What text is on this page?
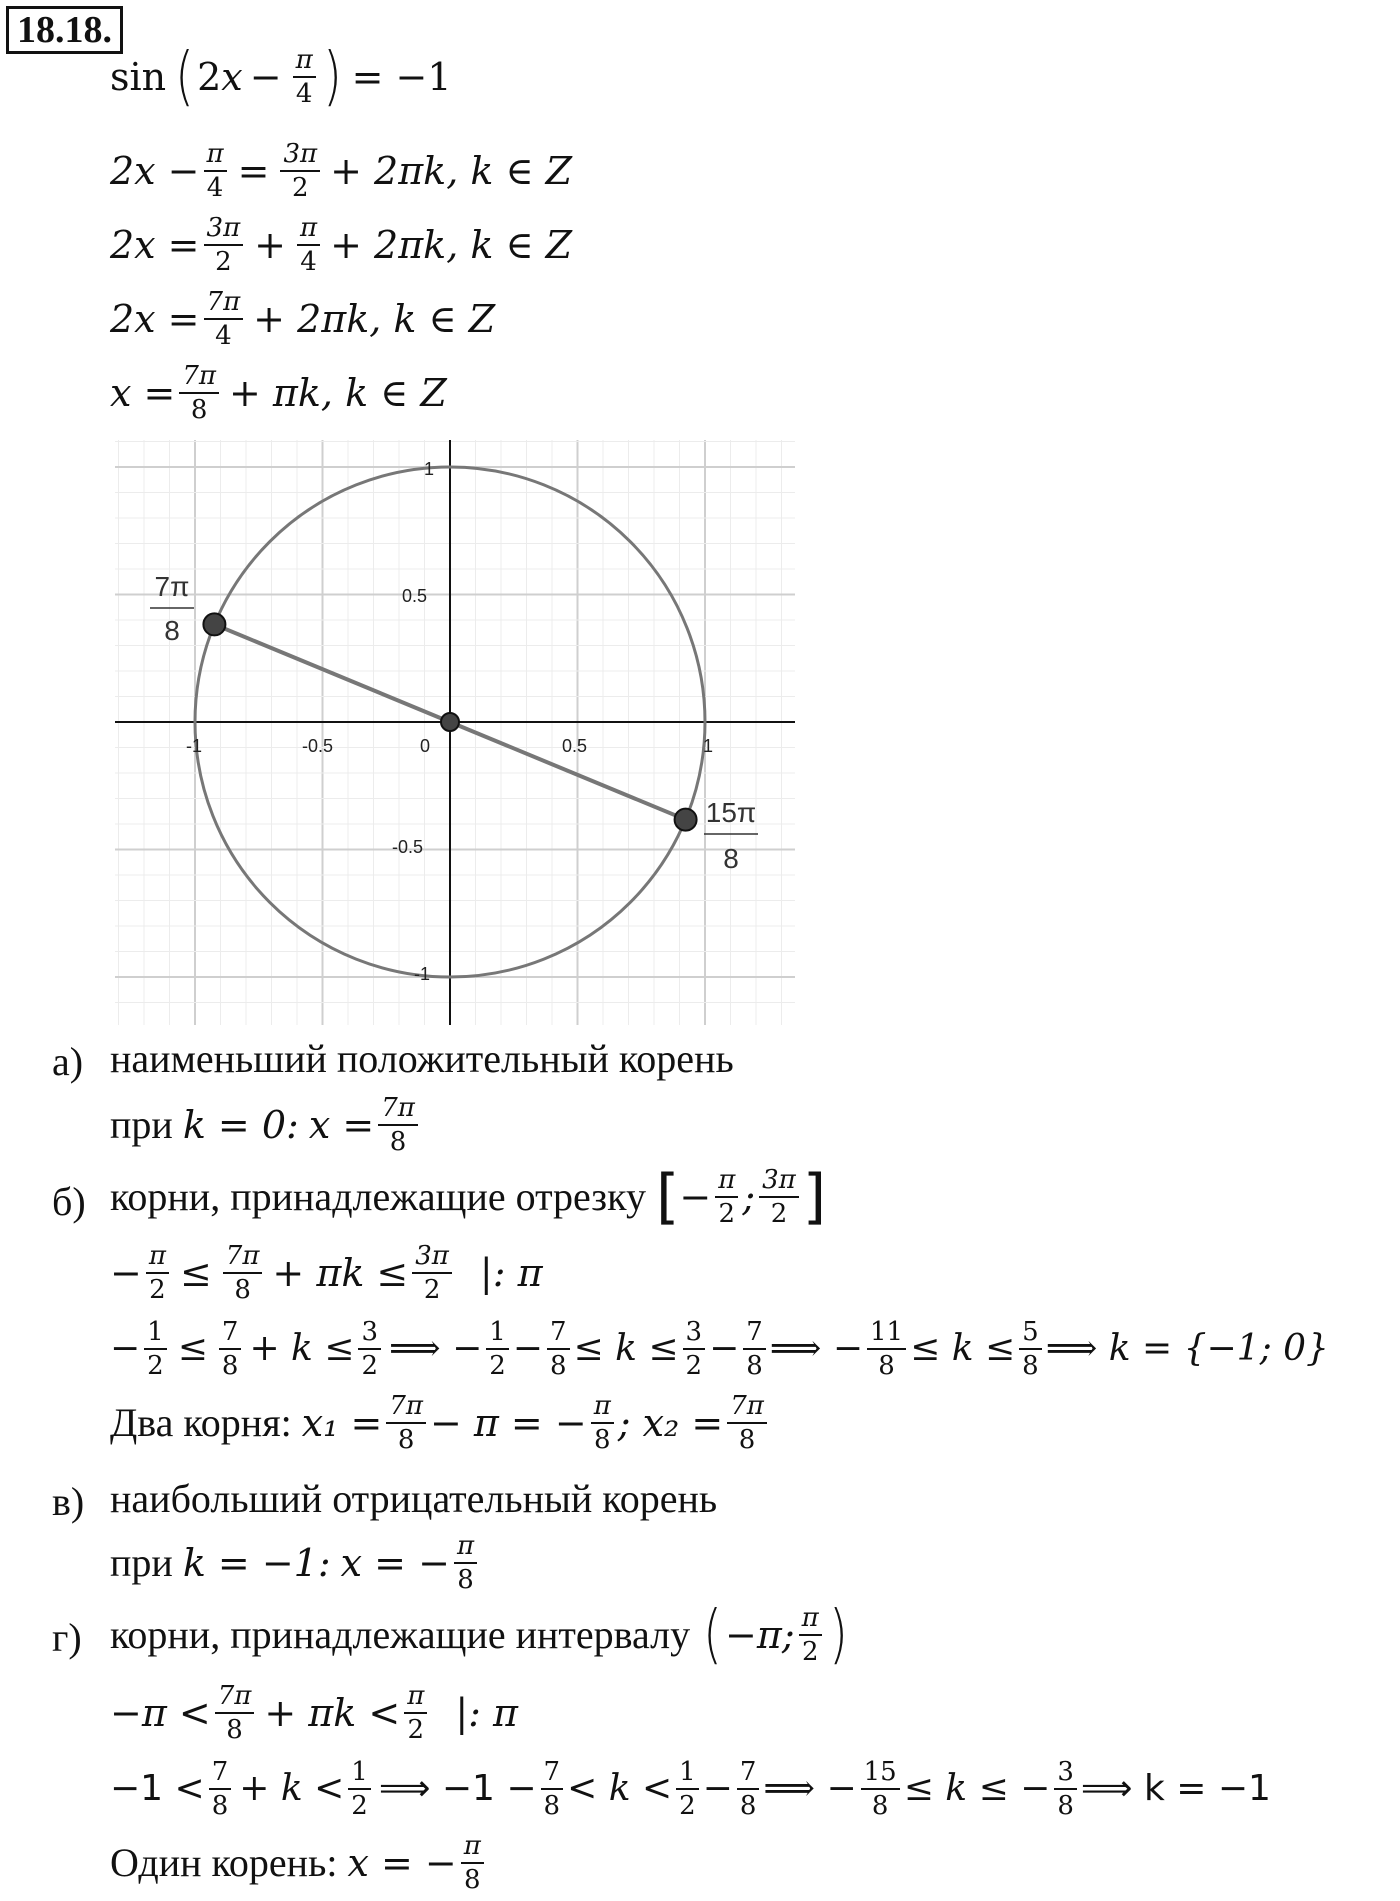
18.18.
sin ( 2 $x - \frac{\pi}{4}$ ) = −1
$2x - \frac{\pi}{4} = \frac{3\pi}{2} + 2\pi k$, k ∈ Z
$2x = \frac{3\pi}{2} + \frac{\pi}{4} + 2\pi k$, k ∈ Z
$2x = \frac{7\pi}{4} + 2\pi k$, k ∈ Z
$x = \frac{7\pi}{8} + \pi k$, k ∈ Z
-1	-0.5	0	0.5	1
1
0.5
-0.5
-1
7π
8
15π
8
а) наименьший положительный корень
при k = 0: $x = \frac{7\pi}{8}$
б) корни, принадлежащие отрезку [ − $\frac{\pi}{2}$ ; $\frac{3\pi}{2}$ ]
− $\frac{\pi}{2} \le \frac{7\pi}{8} + \pi k \le \frac{3\pi}{2}$ |: π
− $\frac{1}{2} \le \frac{7}{8} + k \le \frac{3}{2}$ ⟹ − $\frac{1}{2} - \frac{7}{8} \le k \le \frac{3}{2} - \frac{7}{8}$ ⟹ − $\frac{11}{8} \le k \le \frac{5}{8}$ ⟹ k = {−1; 0}
Два корня: $x_1 = \frac{7\pi}{8} - \pi$ = − $\frac{\pi}{8}$ ; $x_2 = \frac{7\pi}{8}$
в) наибольший отрицательный корень
при k = −1: x = − $\frac{\pi}{8}$
г) корни, принадлежащие интервалу ( −π; $\frac{\pi}{2}$ )
$-\pi < \frac{7\pi}{8} + \pi k < \frac{\pi}{2}$ |: π
$-1 < \frac{7}{8} + k < \frac{1}{2}$ ⟹ $-1 - \frac{7}{8} < k < \frac{1}{2} - \frac{7}{8}$ ⟹ − $\frac{15}{8} \le k$ ≤ − $\frac{3}{8}$ ⟹ k = −1
Один корень: x = − $\frac{\pi}{8}$
